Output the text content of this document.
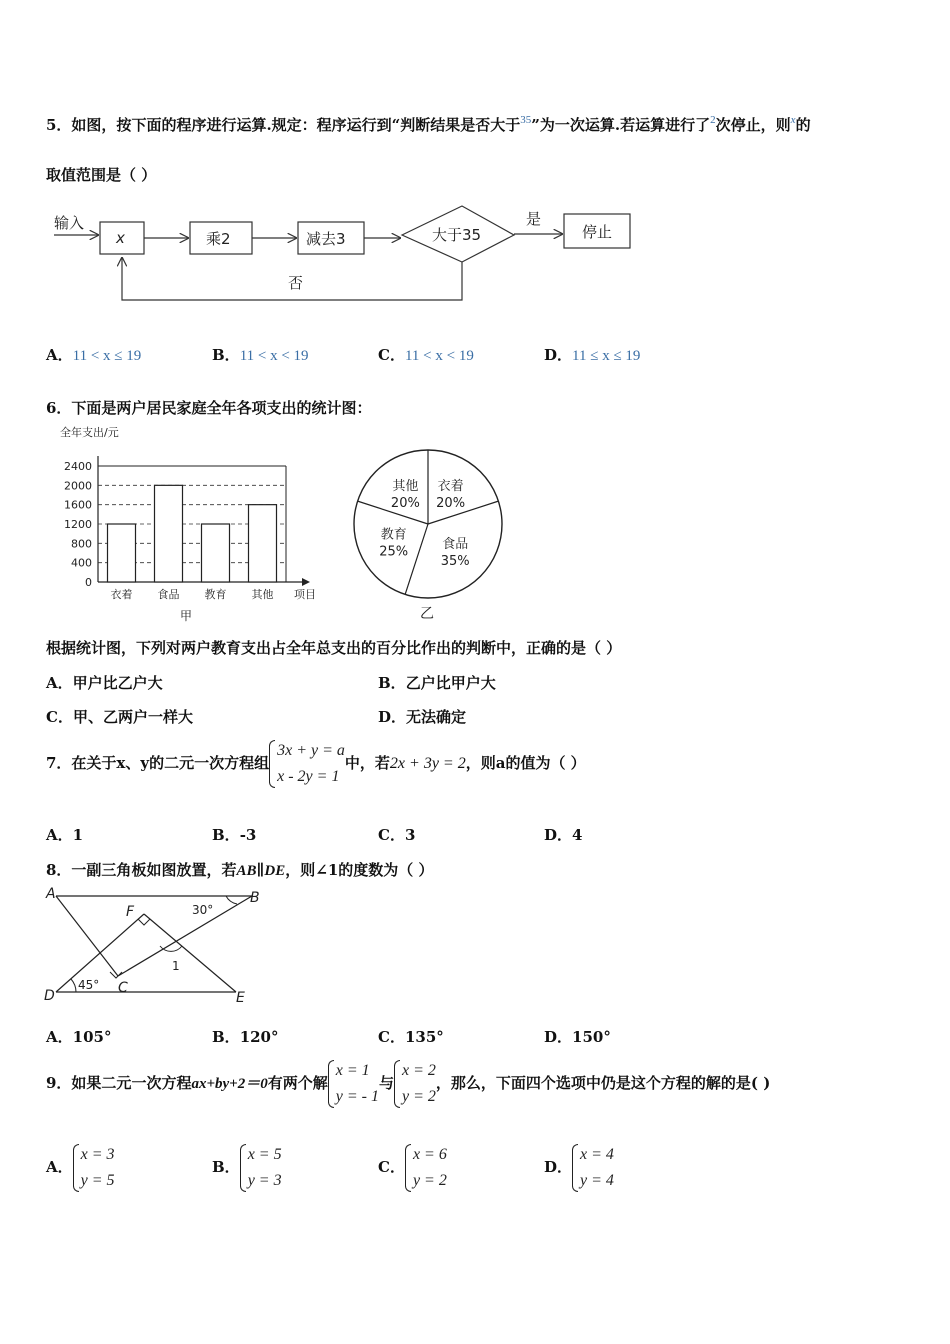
5．如图，按下面的程序进行运算.规定：程序运行到“判断结果是否大于$^{35}$”为一次运算.若运算进行了$^2$次停止，则$^x$的
取值范围是（ ）
输入
x	乘2	减去3	大于35
是
停止
否
A．11 < x ≤ 19	B．11 < x < 19	C．11 < x < 19	D．11 ≤ x ≤ 19
6．下面是两户居民家庭全年各项支出的统计图：
全年支出/元
0
400
800
1200
1600
2000
2400
衣着 食品 教育 其他 项目
甲
衣着
20%
食品
35%
教育
25%
其他
20%
乙
根据统计图，下列对两户教育支出占全年总支出的百分比作出的判断中，正确的是（ ）
A．甲户比乙户大	B．乙户比甲户大
C．甲、乙两户一样大	D．无法确定
7．在关于x、y的二元一次方程组
3x + y = a
x - 2y = 1
中，若2x + 3y = 2，则a的值为（ ）
A．1	B．-3	C．3	D．4
8．一副三角板如图放置，若AB∥DE，则∠1的度数为（ ）
A	B
F
C
D	E
30°
45°
1
A．105°	B．120°	C．135°	D．150°
9．如果二元一次方程ax+by+2＝0有两个解
x = 1
y = - 1
与
x = 2
y = 2
，那么，下面四个选项中仍是这个方程的解的是( )
A．
x = 3
y = 5
B．
x = 5
y = 3
C．
x = 6
y = 2
D．
x = 4
y = 4
